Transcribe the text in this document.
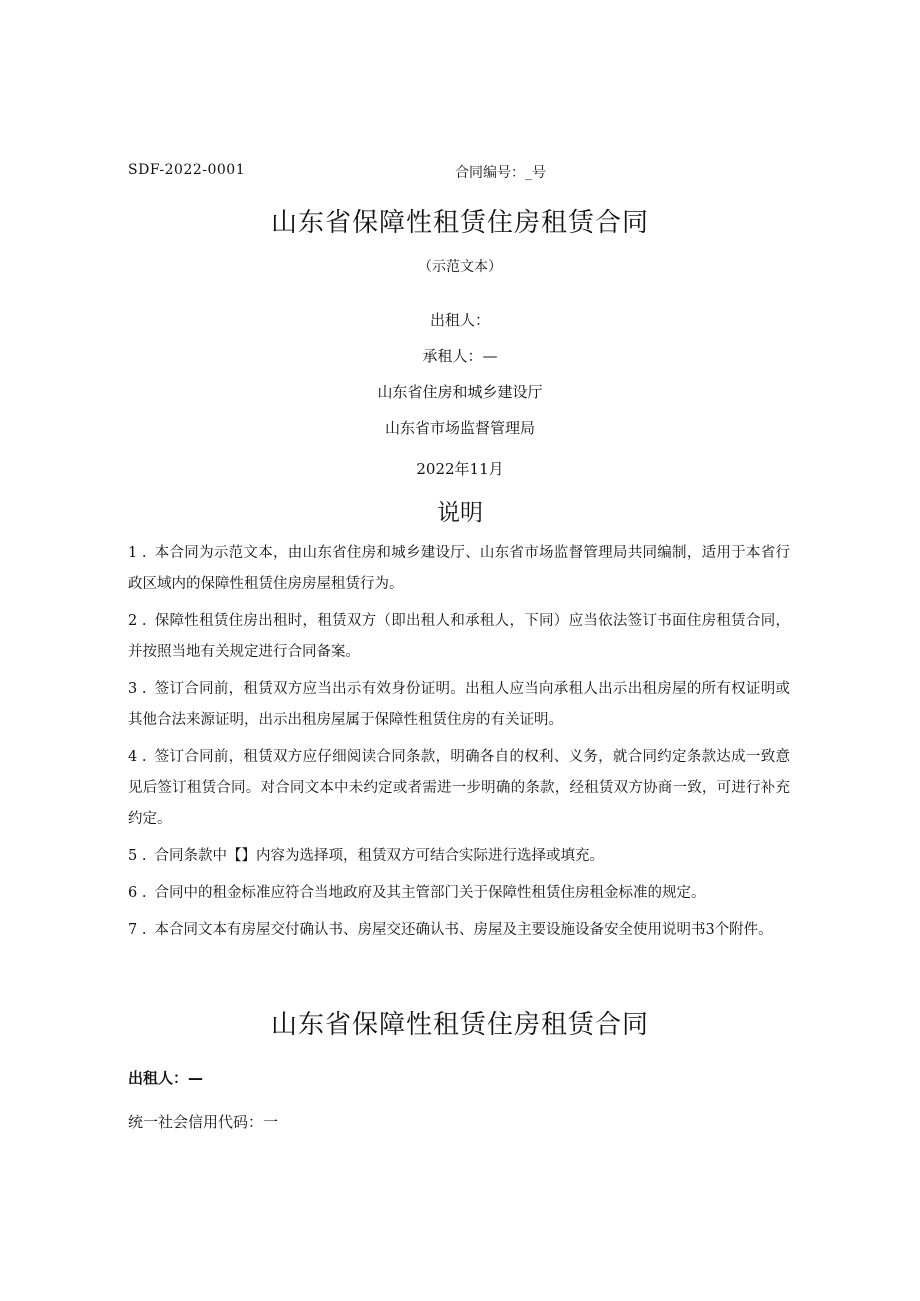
SDF-2022-0001	合同编号：_号
山东省保障性租赁住房租赁合同

（示范文本）

出租人：

承租人：—

山东省住房和城乡建设厅

山东省市场监督管理局

2022年11月

说明
1 . 本合同为示范文本，由山东省住房和城乡建设厅、山东省市场监督管理局共同编制，适用于本省行政区域内的保障性租赁住房房屋租赁行为。
2 . 保障性租赁住房出租时，租赁双方（即出租人和承租人，下同）应当依法签订书面住房租赁合同，并按照当地有关规定进行合同备案。
3 . 签订合同前，租赁双方应当出示有效身份证明。出租人应当向承租人出示出租房屋的所有权证明或其他合法来源证明，出示出租房屋属于保障性租赁住房的有关证明。
4 . 签订合同前，租赁双方应仔细阅读合同条款，明确各自的权利、义务，就合同约定条款达成一致意见后签订租赁合同。对合同文本中未约定或者需进一步明确的条款，经租赁双方协商一致，可进行补充约定。
5 . 合同条款中【】内容为选择项，租赁双方可结合实际进行选择或填充。
6 . 合同中的租金标准应符合当地政府及其主管部门关于保障性租赁住房租金标准的规定。
7 . 本合同文本有房屋交付确认书、房屋交还确认书、房屋及主要设施设备安全使用说明书3个附件。
山东省保障性租赁住房租赁合同
出租人：—
统一社会信用代码：一
